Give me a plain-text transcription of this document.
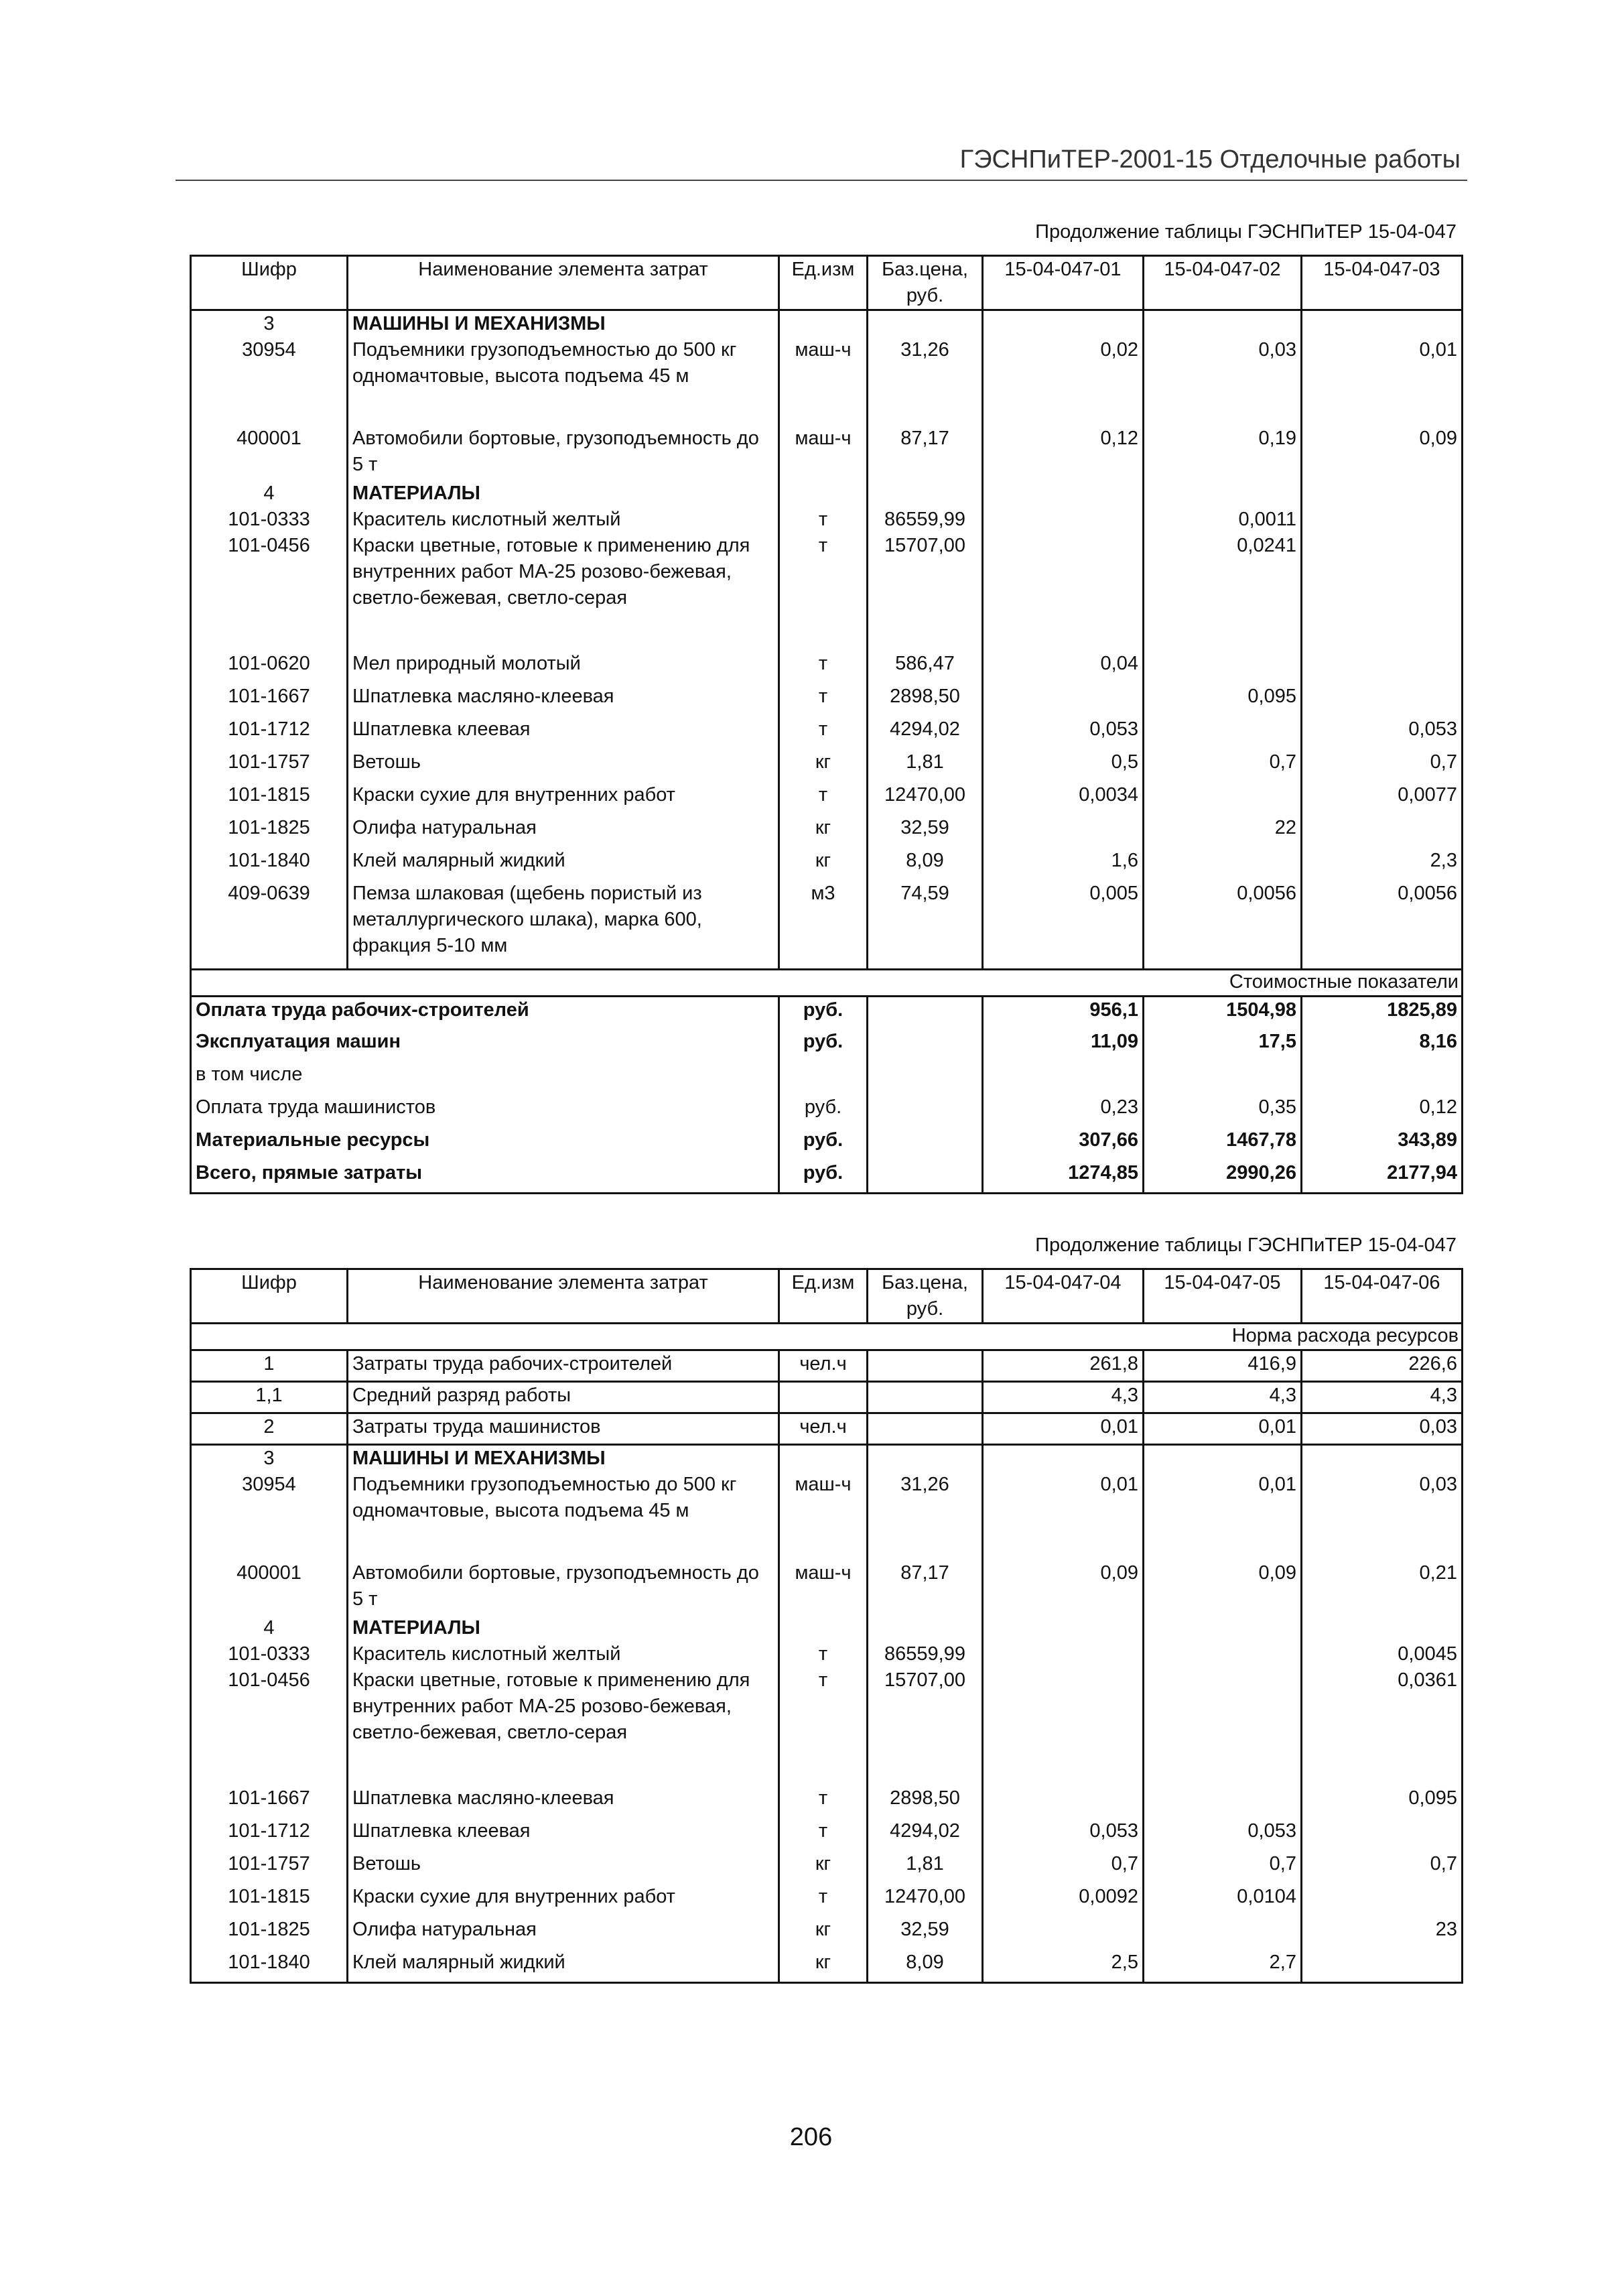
ГЭСНПиТЕР-2001-15 Отделочные работы
Продолжение таблицы ГЭСНПиТЕР 15-04-047
Шифр	Наименование элемента затрат	Ед.изм	Баз.цена, руб.	15-04-047-01	15-04-047-02	15-04-047-03
3	МАШИНЫ И МЕХАНИЗМЫ					
30954	Подъемники грузоподъемностью до 500 кг одномачтовые, высота подъема 45 м	маш-ч	31,26	0,02	0,03	0,01
400001	Автомобили бортовые, грузоподъемность до 5 т	маш-ч	87,17	0,12	0,19	0,09
4	МАТЕРИАЛЫ					
101-0333	Краситель кислотный желтый	т	86559,99		0,0011	
101-0456	Краски цветные, готовые к применению для внутренних работ МА-25 розово-бежевая, светло-бежевая, светло-серая	т	15707,00		0,0241	
101-0620	Мел природный молотый	т	586,47	0,04		
101-1667	Шпатлевка масляно-клеевая	т	2898,50		0,095	
101-1712	Шпатлевка клеевая	т	4294,02	0,053		0,053
101-1757	Ветошь	кг	1,81	0,5	0,7	0,7
101-1815	Краски сухие для внутренних работ	т	12470,00	0,0034		0,0077
101-1825	Олифа натуральная	кг	32,59		22	
101-1840	Клей малярный жидкий	кг	8,09	1,6		2,3
409-0639	Пемза шлаковая (щебень пористый из металлургического шлака), марка 600, фракция 5-10 мм	м3	74,59	0,005	0,0056	0,0056
Стоимостные показатели						
Оплата труда рабочих-строителей		руб.		956,1	1504,98	1825,89
Эксплуатация машин		руб.		11,09	17,5	8,16
в том числе						
Оплата труда машинистов		руб.		0,23	0,35	0,12
Материальные ресурсы		руб.		307,66	1467,78	343,89
Всего, прямые затраты		руб.		1274,85	2990,26	2177,94
Продолжение таблицы ГЭСНПиТЕР 15-04-047
Шифр	Наименование элемента затрат	Ед.изм	Баз.цена, руб.	15-04-047-04	15-04-047-05	15-04-047-06
Норма расхода ресурсов						
1	Затраты труда рабочих-строителей	чел.ч		261,8	416,9	226,6
1,1	Средний разряд работы			4,3	4,3	4,3
2	Затраты труда машинистов	чел.ч		0,01	0,01	0,03
3	МАШИНЫ И МЕХАНИЗМЫ					
30954	Подъемники грузоподъемностью до 500 кг одномачтовые, высота подъема 45 м	маш-ч	31,26	0,01	0,01	0,03
400001	Автомобили бортовые, грузоподъемность до 5 т	маш-ч	87,17	0,09	0,09	0,21
4	МАТЕРИАЛЫ					
101-0333	Краситель кислотный желтый	т	86559,99			0,0045
101-0456	Краски цветные, готовые к применению для внутренних работ МА-25 розово-бежевая, светло-бежевая, светло-серая	т	15707,00			0,0361
101-1667	Шпатлевка масляно-клеевая	т	2898,50			0,095
101-1712	Шпатлевка клеевая	т	4294,02	0,053	0,053	
101-1757	Ветошь	кг	1,81	0,7	0,7	0,7
101-1815	Краски сухие для внутренних работ	т	12470,00	0,0092	0,0104	
101-1825	Олифа натуральная	кг	32,59			23
101-1840	Клей малярный жидкий	кг	8,09	2,5	2,7	
206
